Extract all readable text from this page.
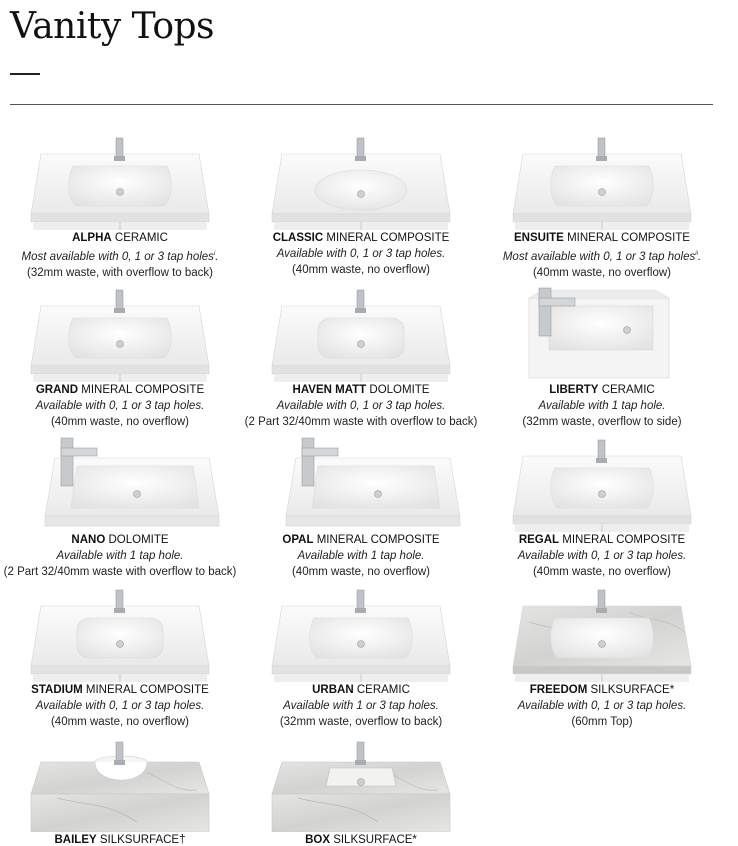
Vanity Tops
ALPHA CERAMIC
Most available with 0, 1 or 3 tap holes$^i$.
(32mm waste, with overflow to back)
CLASSIC MINERAL COMPOSITE
Available with 0, 1 or 3 tap holes.
(40mm waste, no overflow)
ENSUITE MINERAL COMPOSITE
Most available with 0, 1 or 3 tap holes$^{ii}$.
(40mm waste, no overflow)
GRAND MINERAL COMPOSITE
Available with 0, 1 or 3 tap holes.
(40mm waste, no overflow)
HAVEN MATT DOLOMITE
Available with 0, 1 or 3 tap holes.
(2 Part 32/40mm waste with overflow to back)
LIBERTY CERAMIC
Available with 1 tap hole.
(32mm waste, overflow to side)
NANO DOLOMITE
Available with 1 tap hole.
(2 Part 32/40mm waste with overflow to back)
OPAL MINERAL COMPOSITE
Available with 1 tap hole.
(40mm waste, no overflow)
REGAL MINERAL COMPOSITE
Available with 0, 1 or 3 tap holes.
(40mm waste, no overflow)
STADIUM MINERAL COMPOSITE
Available with 0, 1 or 3 tap holes.
(40mm waste, no overflow)
URBAN CERAMIC
Available with 1 or 3 tap holes.
(32mm waste, overflow to back)
FREEDOM SILKSURFACE*
Available with 0, 1 or 3 tap holes.
(60mm Top)
BAILEY SILKSURFACE†	BOX SILKSURFACE*
